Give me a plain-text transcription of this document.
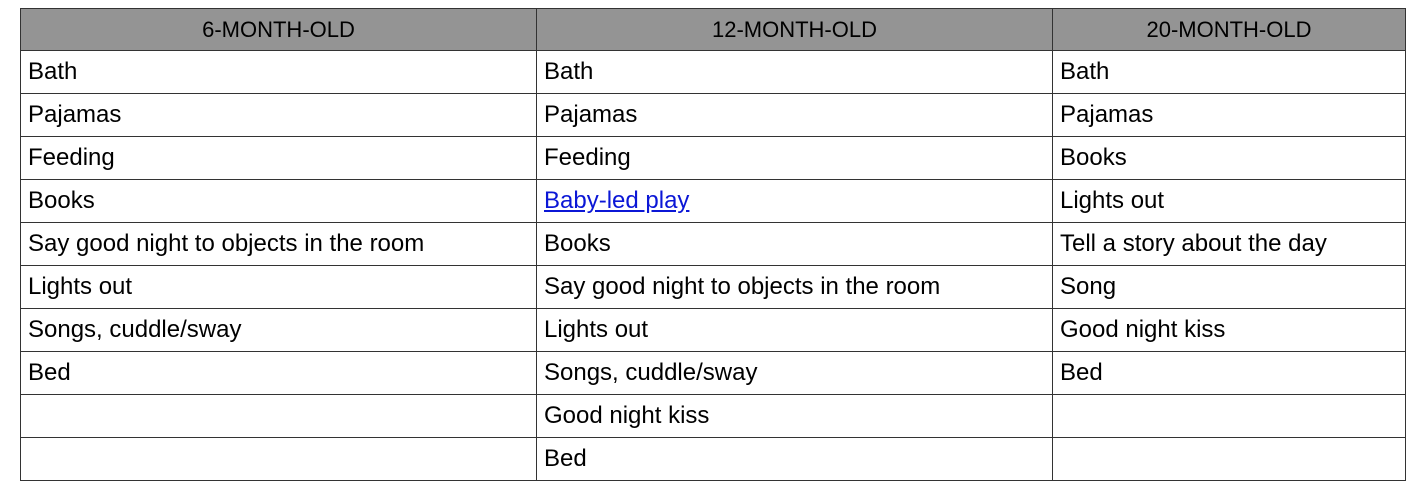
6-MONTH-OLD	12-MONTH-OLD	20-MONTH-OLD
Bath	Bath	Bath
Pajamas	Pajamas	Pajamas
Feeding	Feeding	Books
Books	Baby-led play	Lights out
Say good night to objects in the room	Books	Tell a story about the day
Lights out	Say good night to objects in the room	Song
Songs, cuddle/sway	Lights out	Good night kiss
Bed	Songs, cuddle/sway	Bed
	Good night kiss	
	Bed	
